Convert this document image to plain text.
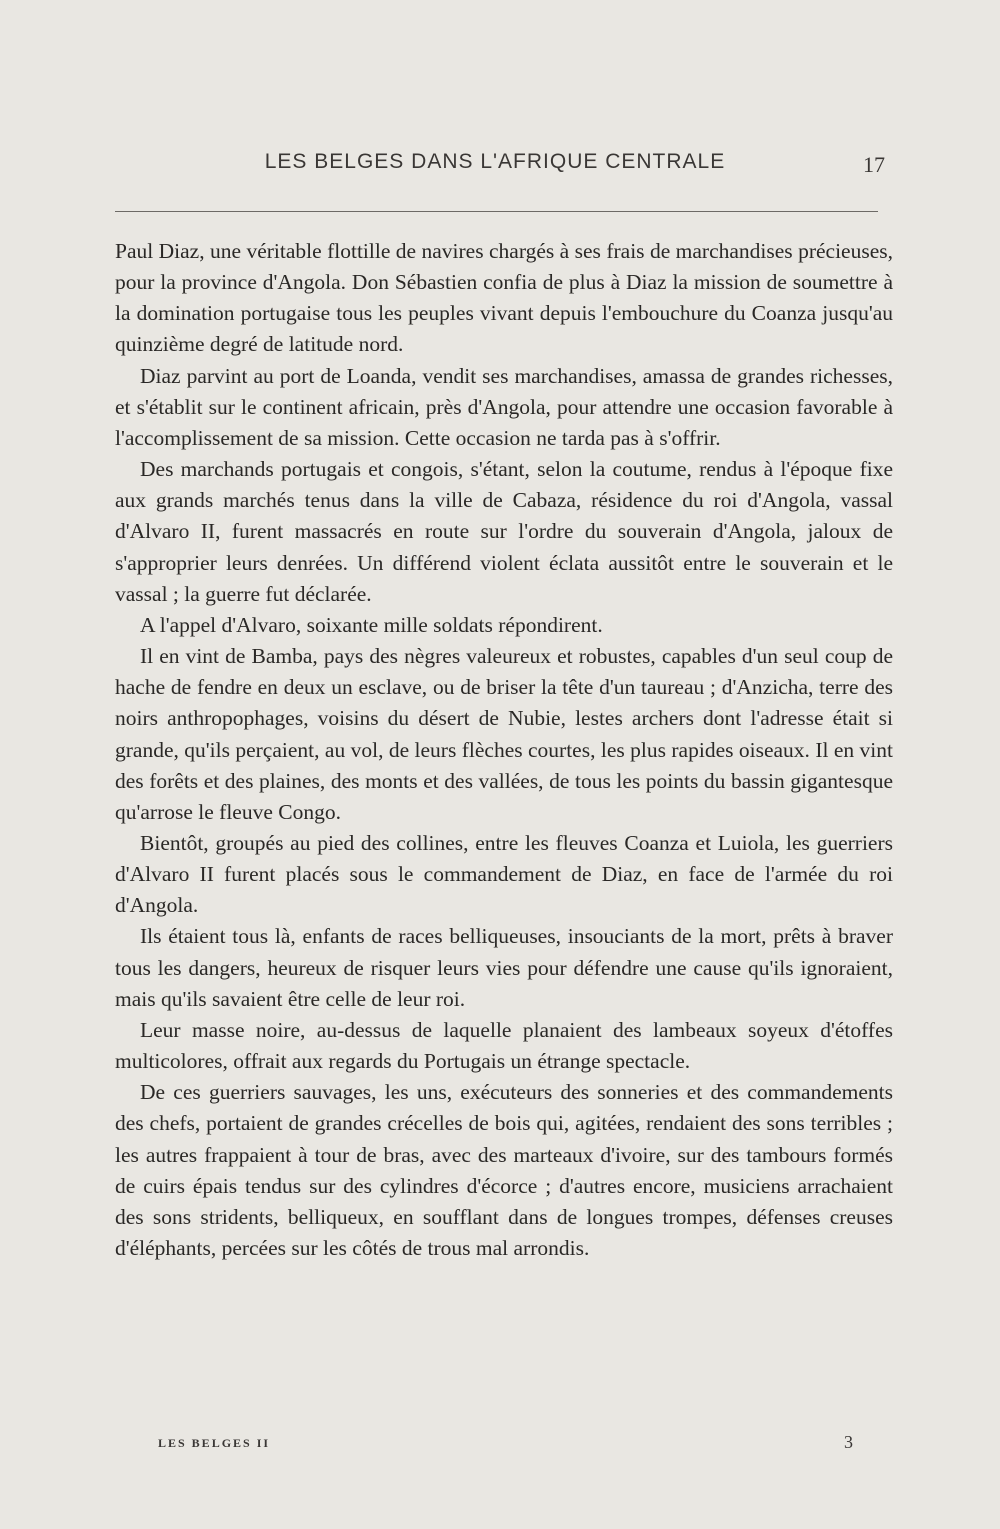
LES BELGES DANS L'AFRIQUE CENTRALE	17

Paul Diaz, une véritable flottille de navires chargés à ses frais de marchandises précieuses, pour la province d'Angola. Don Sébastien confia de plus à Diaz la mission de soumettre à la domination portugaise tous les peuples vivant depuis l'embouchure du Coanza jusqu'au quinzième degré de latitude nord.

Diaz parvint au port de Loanda, vendit ses marchandises, amassa de grandes richesses, et s'établit sur le continent africain, près d'Angola, pour attendre une occasion favorable à l'accomplissement de sa mission. Cette occasion ne tarda pas à s'offrir.

Des marchands portugais et congois, s'étant, selon la coutume, rendus à l'époque fixe aux grands marchés tenus dans la ville de Cabaza, résidence du roi d'Angola, vassal d'Alvaro II, furent massacrés en route sur l'ordre du souverain d'Angola, jaloux de s'approprier leurs denrées. Un différend violent éclata aussitôt entre le souverain et le vassal ; la guerre fut déclarée.

A l'appel d'Alvaro, soixante mille soldats répondirent.

Il en vint de Bamba, pays des nègres valeureux et robustes, capables d'un seul coup de hache de fendre en deux un esclave, ou de briser la tête d'un taureau ; d'Anzicha, terre des noirs anthropophages, voisins du désert de Nubie, lestes archers dont l'adresse était si grande, qu'ils perçaient, au vol, de leurs flèches courtes, les plus rapides oiseaux. Il en vint des forêts et des plaines, des monts et des vallées, de tous les points du bassin gigantesque qu'arrose le fleuve Congo.

Bientôt, groupés au pied des collines, entre les fleuves Coanza et Luiola, les guerriers d'Alvaro II furent placés sous le commandement de Diaz, en face de l'armée du roi d'Angola.

Ils étaient tous là, enfants de races belliqueuses, insouciants de la mort, prêts à braver tous les dangers, heureux de risquer leurs vies pour défendre une cause qu'ils ignoraient, mais qu'ils savaient être celle de leur roi.

Leur masse noire, au-dessus de laquelle planaient des lambeaux soyeux d'étoffes multicolores, offrait aux regards du Portugais un étrange spectacle.

De ces guerriers sauvages, les uns, exécuteurs des sonneries et des commandements des chefs, portaient de grandes crécelles de bois qui, agitées, rendaient des sons terribles ; les autres frappaient à tour de bras, avec des marteaux d'ivoire, sur des tambours formés de cuirs épais tendus sur des cylindres d'écorce ; d'autres encore, musiciens arrachaient des sons stridents, belliqueux, en soufflant dans de longues trompes, défenses creuses d'éléphants, percées sur les côtés de trous mal arrondis.

LES BELGES II	3
